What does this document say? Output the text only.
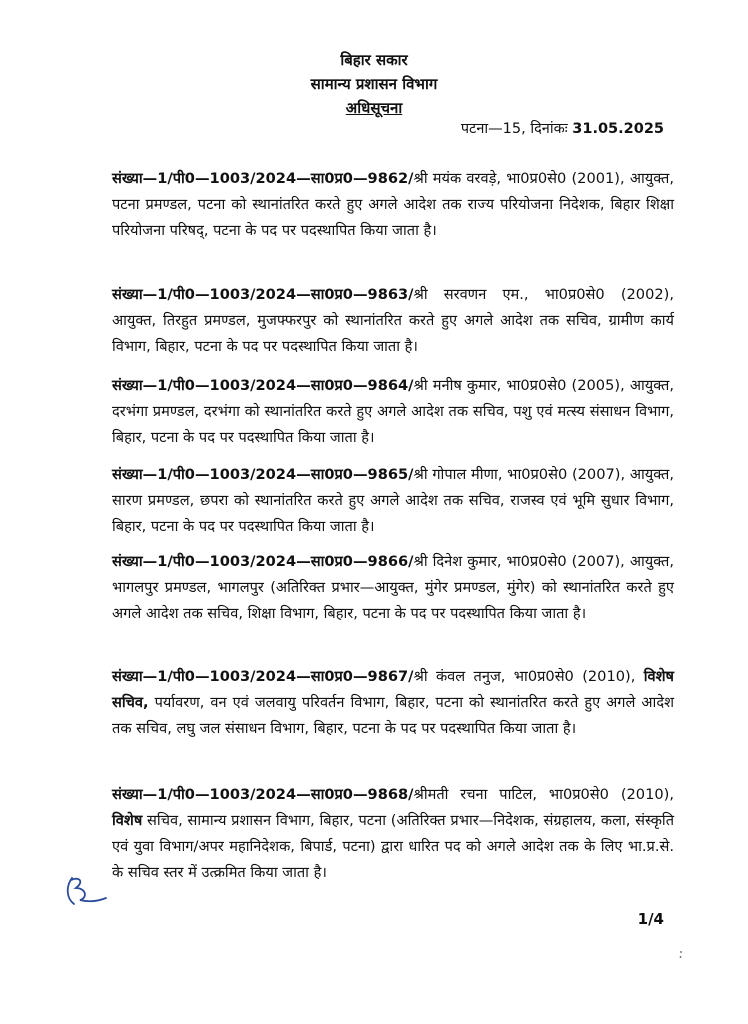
बिहार सकार
सामान्य प्रशासन विभाग
अधिसूचना
पटना—15, दिनांकः 31.05.2025
संख्या—1/पी0—1003/2024—सा0प्र0—9862/श्री मयंक वरवड़े, भा0प्र0से0 (2001), आयुक्त, पटना प्रमण्डल, पटना को स्थानांतरित करते हुए अगले आदेश तक राज्य परियोजना निदेशक, बिहार शिक्षा परियोजना परिषद्, पटना के पद पर पदस्थापित किया जाता है।
संख्या—1/पी0—1003/2024—सा0प्र0—9863/श्री सरवणन एम., भा0प्र0से0 (2002), आयुक्त, तिरहुत प्रमण्डल, मुजफ्फरपुर को स्थानांतरित करते हुए अगले आदेश तक सचिव, ग्रामीण कार्य विभाग, बिहार, पटना के पद पर पदस्थापित किया जाता है।
संख्या—1/पी0—1003/2024—सा0प्र0—9864/श्री मनीष कुमार, भा0प्र0से0 (2005), आयुक्त, दरभंगा प्रमण्डल, दरभंगा को स्थानांतरित करते हुए अगले आदेश तक सचिव, पशु एवं मत्स्य संसाधन विभाग, बिहार, पटना के पद पर पदस्थापित किया जाता है।
संख्या—1/पी0—1003/2024—सा0प्र0—9865/श्री गोपाल मीणा, भा0प्र0से0 (2007), आयुक्त, सारण प्रमण्डल, छपरा को स्थानांतरित करते हुए अगले आदेश तक सचिव, राजस्व एवं भूमि सुधार विभाग, बिहार, पटना के पद पर पदस्थापित किया जाता है।
संख्या—1/पी0—1003/2024—सा0प्र0—9866/श्री दिनेश कुमार, भा0प्र0से0 (2007), आयुक्त, भागलपुर प्रमण्डल, भागलपुर (अतिरिक्त प्रभार—आयुक्त, मुंगेर प्रमण्डल, मुंगेर) को स्थानांतरित करते हुए अगले आदेश तक सचिव, शिक्षा विभाग, बिहार, पटना के पद पर पदस्थापित किया जाता है।
संख्या—1/पी0—1003/2024—सा0प्र0—9867/श्री कंवल तनुज, भा0प्र0से0 (2010), विशेष सचिव, पर्यावरण, वन एवं जलवायु परिवर्तन विभाग, बिहार, पटना को स्थानांतरित करते हुए अगले आदेश तक सचिव, लघु जल संसाधन विभाग, बिहार, पटना के पद पर पदस्थापित किया जाता है।
संख्या—1/पी0—1003/2024—सा0प्र0—9868/श्रीमती रचना पाटिल, भा0प्र0से0 (2010), विशेष सचिव, सामान्य प्रशासन विभाग, बिहार, पटना (अतिरिक्त प्रभार—निदेशक, संग्रहालय, कला, संस्कृति एवं युवा विभाग/अपर महानिदेशक, बिपार्ड, पटना) द्वारा धारित पद को अगले आदेश तक के लिए भा.प्र.से. के सचिव स्तर में उत्क्रमित किया जाता है।
1/4
